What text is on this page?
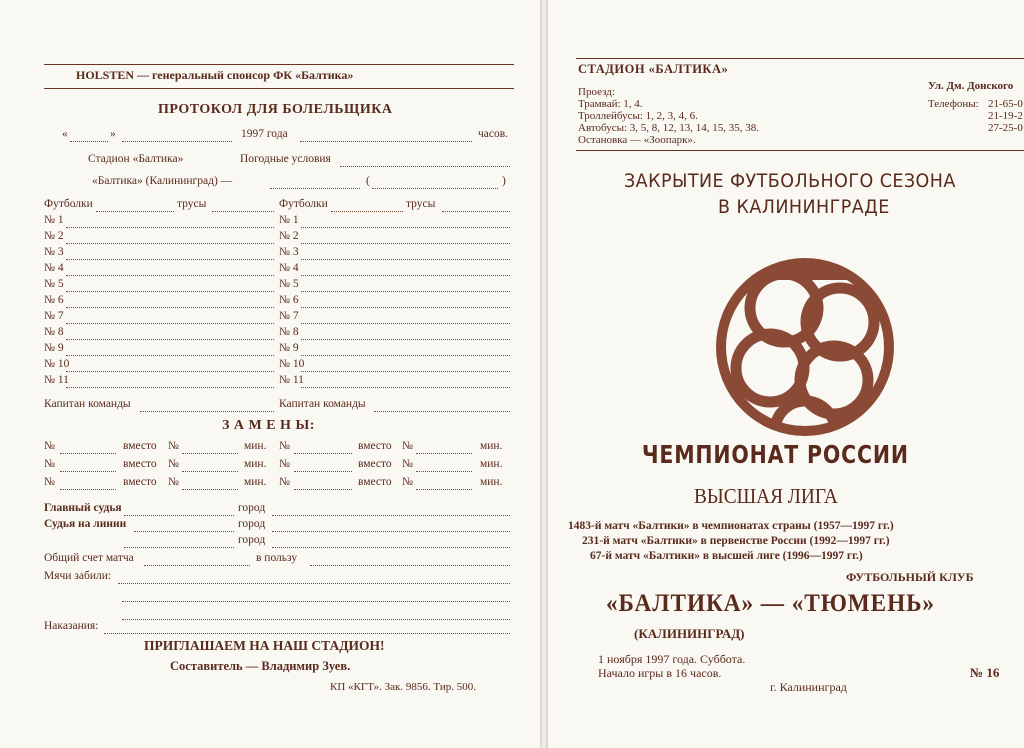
HOLSTEN — генеральный спонсор ФК «Балтика»
ПРОТОКОЛ ДЛЯ БОЛЕЛЬЩИКА
«	»	1997 года	часов.
Стадион «Балтика»	Погодные условия
«Балтика» (Калининград) —	(	)
Футболки	трусы	Футболки	трусы
№ 1	№ 1
№ 2	№ 2
№ 3	№ 3
№ 4	№ 4
№ 5	№ 5
№ 6	№ 6
№ 7	№ 7
№ 8	№ 8
№ 9	№ 9
№ 10	№ 10
№ 11	№ 11
Капитан команды	Капитан команды
З А М Е Н Ы:
№	вместо №	мин. №	вместо №	мин.
№	вместо №	мин. №	вместо №	мин.
№	вместо №	мин. №	вместо №	мин.
Главный судья	город
Судья на линии	город
город
Общий счет матча	в пользу
Мячи забили:
Наказания:
ПРИГЛАШАЕМ НА НАШ СТАДИОН!
Составитель — Владимир Зуев.
КП «КГТ». Зак. 9856. Тир. 500.
СТАДИОН «БАЛТИКА»
Ул. Дм. Донского
Проезд:
Трамвай: 1, 4.
Троллейбусы: 1, 2, 3, 4, 6.
Автобусы: 3, 5, 8, 12, 13, 14, 15, 35, 38.
Остановка — «Зоопарк».
Телефоны: 21-65-0
21-19-2
27-25-0
ЗАКРЫТИЕ ФУТБОЛЬНОГО СЕЗОНА
В КАЛИНИНГРАДЕ
ЧЕМПИОНАТ РОССИИ
ВЫСШАЯ ЛИГА
1483-й матч «Балтики» в чемпионатах страны (1957—1997 гг.)
231-й матч «Балтики» в первенстве России (1992—1997 гг.)
67-й матч «Балтики» в высшей лиге (1996—1997 гг.)
ФУТБОЛЬНЫЙ КЛУБ
«БАЛТИКА» — «ТЮМЕНЬ»
(КАЛИНИНГРАД)
1 ноября 1997 года. Суббота.
Начало игры в 16 часов.
г. Калининград
№ 16
